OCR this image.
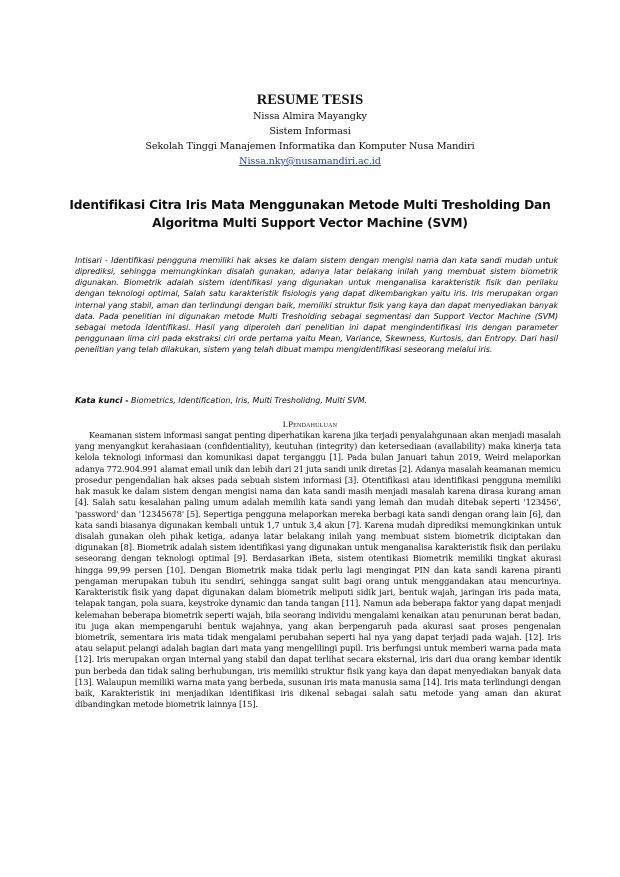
RESUME TESIS
Nissa Almira Mayangky
Sistem Informasi
Sekolah Tinggi Manajemen Informatika dan Komputer Nusa Mandiri
Nissa.nky@nusamandiri.ac.id
Identifikasi Citra Iris Mata Menggunakan Metode Multi Tresholding Dan Algoritma Multi Support Vector Machine (SVM)
Intisari - Identifikasi pengguna memiliki hak akses ke dalam sistem dengan mengisi nama dan kata sandi mudah untuk diprediksi, sehingga memungkinkan disalah gunakan, adanya latar belakang inilah yang membuat sistem biometrik digunakan. Biometrik adalah sistem identifikasi yang digunakan untuk menganalisa karakteristik fisik dan perilaku dengan teknologi optimal, Salah satu karakteristik fisiologis yang dapat dikembangkan yaitu iris. Iris merupakan organ internal yang stabil, aman dan terlindungi dengan baik, memiliki struktur fisik yang kaya dan dapat menyediakan banyak data. Pada penelitian ini digunakan metode Multi Tresholding sebagai segmentasi dan Support Vector Machine (SVM) sebagai metoda Identifikasi. Hasil yang diperoleh dari penelitian ini dapat mengindentifikasi Iris dengan parameter penggunaan lima ciri pada ekstraksi ciri orde pertama yaitu Mean, Variance, Skewness, Kurtosis, dan Entropy. Dari hasil penelitian yang telah dilakukan, sistem yang telah dibuat mampu mengidentifikasi seseorang melalui iris.
Kata kunci - Biometrics, Identification, Iris, Multi Tresholidng, Multi SVM.
I.Pendahuluan
Keamanan sistem informasi sangat penting diperhatikan karena jika terjadi penyalahgunaan akan menjadi masalah yang menyangkut kerahasiaan (confidentiality), keutuhan (integrity) dan ketersediaan (availability) maka kinerja tata kelola teknologi informasi dan komunikasi dapat terganggu [1]. Pada bulan Januari tahun 2019, Weird melaporkan adanya 772.904.991 alamat email unik dan lebih dari 21 juta sandi unik diretas [2]. Adanya masalah keamanan memicu prosedur pengendalian hak akses pada sebuah sistem informasi [3]. Otentifikasi atau identifikasi pengguna memiliki hak masuk ke dalam sistem dengan mengisi nama dan kata sandi masih menjadi masalah karena dirasa kurang aman [4]. Salah satu kesalahan paling umum adalah memilih kata sandi yang lemah dan mudah ditebak seperti '123456', 'password' dan '12345678' [5]. Sepertiga pengguna melaporkan mereka berbagi kata sandi dengan orang lain [6], dan kata sandi biasanya digunakan kembali untuk 1,7 untuk 3,4 akun [7]. Karena mudah diprediksi memungkinkan untuk disalah gunakan oleh pihak ketiga, adanya latar belakang inilah yang membuat sistem biometrik diciptakan dan digunakan [8]. Biometrik adalah sistem identifikasi yang digunakan untuk menganalisa karakteristik fisik dan perilaku seseorang dengan teknologi optimal [9]. Berdasarkan iBeta, sistem otentikasi Biometrik memiliki tingkat akurasi hingga 99,99 persen [10]. Dengan Biometrik maka tidak perlu lagi mengingat PIN dan kata sandi karena piranti pengaman merupakan tubuh itu sendiri, sehingga sangat sulit bagi orang untuk menggandakan atau mencurinya. Karakteristik fisik yang dapat digunakan dalam biometrik meliputi sidik jari, bentuk wajah, jaringan iris pada mata, telapak tangan, pola suara, keystroke dynamic dan tanda tangan [11]. Namun ada beberapa faktor yang dapat menjadi kelemahan beberapa biometrik seperti wajah, bila seorang individu mengalami kenaikan atau penurunan berat badan, itu juga akan mempengaruhi bentuk wajahnya, yang akan berpengaruh pada akurasi saat proses pengenalan biometrik, sementara iris mata tidak mengalami perubahan seperti hal nya yang dapat terjadi pada wajah. [12]. Iris atau selaput pelangi adalah bagian dari mata yang mengelilingi pupil. Iris berfungsi untuk memberi warna pada mata [12]. Iris merupakan organ internal yang stabil dan dapat terlihat secara eksternal, iris dari dua orang kembar identik pun berbeda dan tidak saling berhubungan, iris memiliki struktur fisik yang kaya dan dapat menyediakan banyak data [13]. Walaupun memiliki warna mata yang berbeda, susunan iris mata manusia sama [14]. Iris mata terlindungi dengan baik, Karakteristik ini menjadikan identifikasi iris dikenal sebagai salah satu metode yang aman dan akurat dibandingkan metode biometrik lainnya [15].
